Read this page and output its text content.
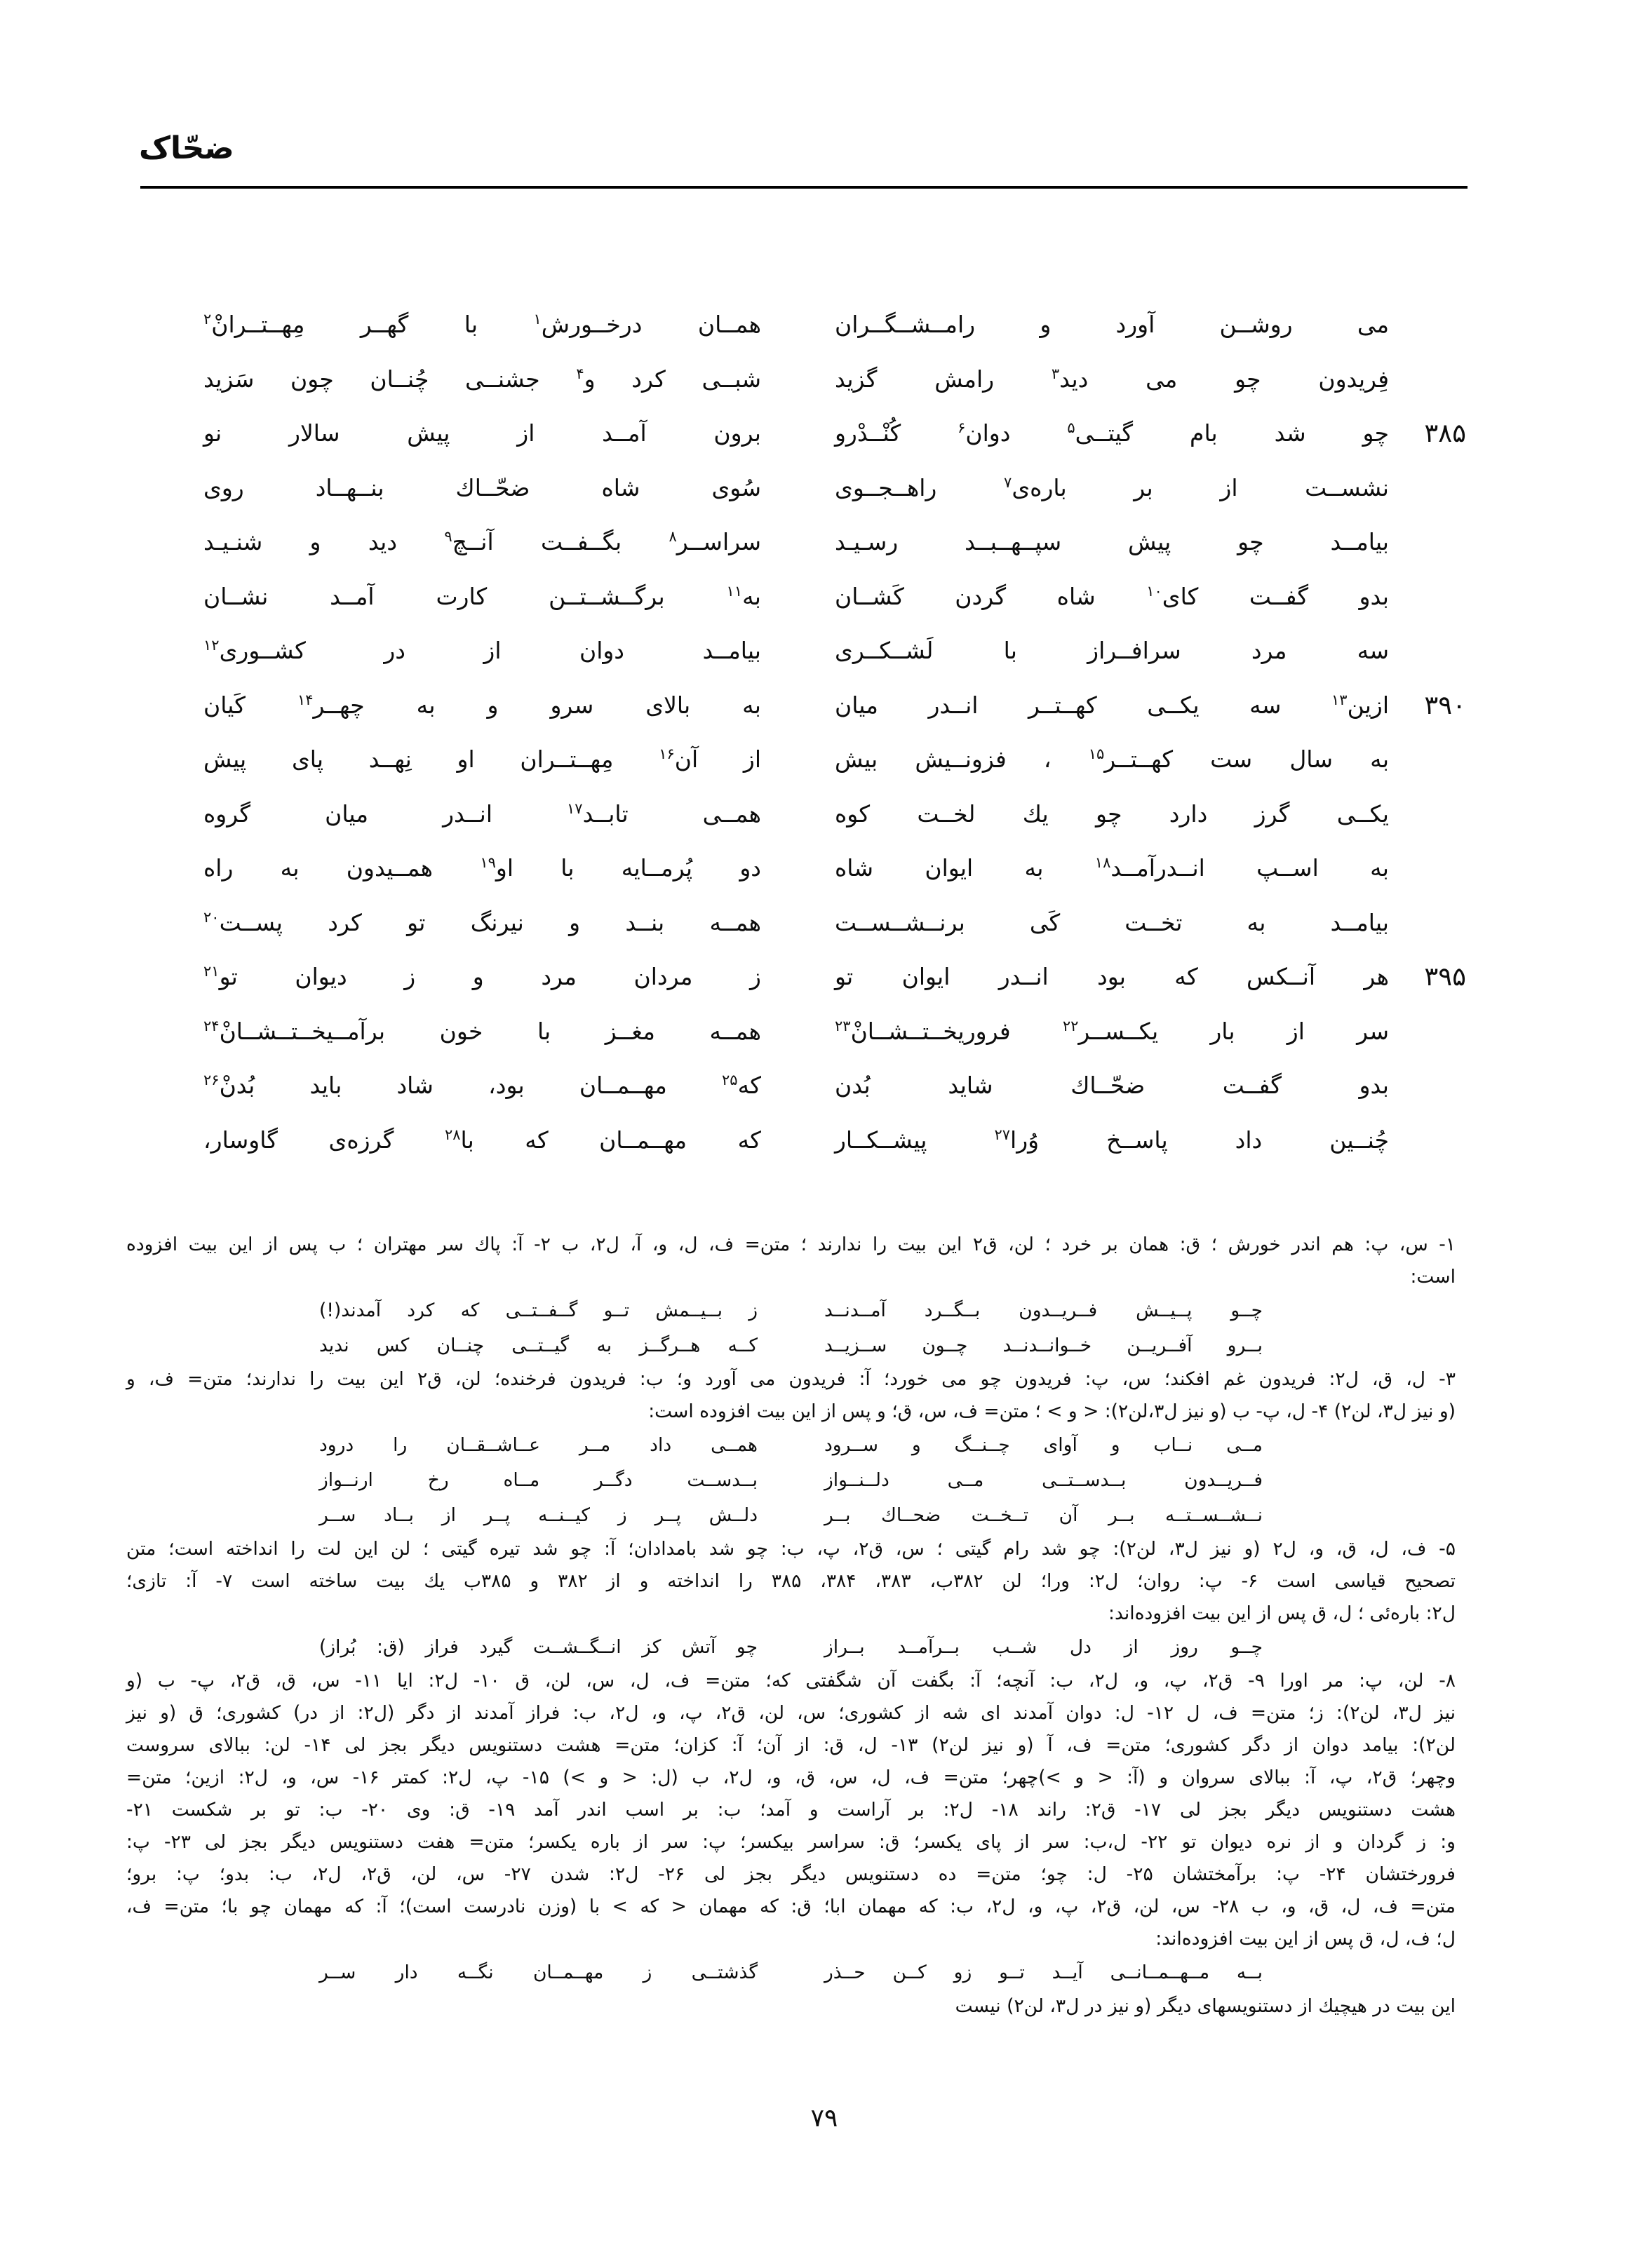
ضحّاک
می روشــن آورد و رامــشــگــران
همــان درخــورش$^۱$ با گهــر مِهــتــرانْ$^۲$
فِریدون چو می دید$^۳$ رامش گزید
شبــی کرد و$^۴$ جشنــی چُنــان چون سَزید
۳۸۵
چو شد بام گیتــی$^۵$ دوان$^۶$ کُنْــدْرو
برون آمــد از پیش سالار نو
نشســت از بر باره‌ی$^۷$ راهــجــوی
سُوی شاه ضحّــاك بنــهــاد روی
بیامــد چو پیش سپــهــبــد رسـیـد
سراســر$^۸$ بگــفــت آنــچ$^۹$ دید و شنـیـد
بدو گفــت کای$^{۱۰}$ شاه گردن کَشــان
به$^{۱۱}$ برگــشــتــن کارت آمــد نشــان
سه مرد سرافــراز با لَشــکــری
بیامــد دوان از در کشــوری$^{۱۲}$
۳۹۰
ازین$^{۱۳}$ سه یکــی کهــتــر انــدر میان
به بالای سرو و به چهــر$^{۱۴}$ کَیان
به سال ست کهــتــر$^{۱۵}$ ، فزونــیش بیش
از آن$^{۱۶}$ مِهــتــران او نِهــد پای پیش
یکــی گرز دارد چو یك لخــت کوه
همــی تابــد$^{۱۷}$ انــدر میان گروه
به اســپ انــدرآمــد$^{۱۸}$ به ایوان شاه
دو پُرمــایه با او$^{۱۹}$ همــیدون به راه
بیامــد به تخــت کَی برنــشــســت
همــه بنــد و نیرنگ تو کرد پســت$^{۲۰}$
۳۹۵
هر آنــکس که بود انــدر ایوان تو
ز مردان مرد و ز دیوان تو$^{۲۱}$
سر از بار یکــســر$^{۲۲}$ فروریخــتــشــانْ$^{۲۳}$
همــه مغــز با خون برآمــیخــتــشــانْ$^{۲۴}$
بدو گفــت ضحّــاك شاید بُدن
که$^{۲۵}$ مهــمــان بود، شاد باید بُدنْ$^{۲۶}$
چُنــین داد پاســخ وُرا$^{۲۷}$ پیشــکــار
که مهــمــان که با$^{۲۸}$ گرزه‌ی گاوسار،
۱- س، پ: هم اندر خورش ؛ ق: همان بر خرد ؛ لن، ق۲ این بیت را ندارند ؛ متن= ف، ل، و، آ، ل۲، ب ۲- آ: پاك سر مهتران ؛ ب پس از این بیت افزوده
است:
چــو پــیــش فــریــدون بــگــرد آمــدنــد
ز بــیــمش تــو گــفــتــی که کرد آمدند(!)
بــرو آفــریــن خــوانــدنــد چــون ســزیــد
کــه هــرگــز به گیــتــی چنــان کس ندید
۳- ل، ق، ل۲: فریدون غم افکند؛ س، پ: فریدون چو می خورد؛ آ: فریدون می آورد و؛ ب: فریدون فرخنده؛ لن، ق۲ این بیت را ندارند؛ متن= ف، و
(و نیز ل۳، لن۲) ۴- ل، پ- ب (و نیز ل۳،لن۲): < و > ؛ متن= ف، س، ق؛ و پس از این بیت افزوده است:
مــی نــاب و آوای چــنــگ و ســرود
همــی داد مــر عــاشــقــان را درود
فــریــدون بــدســتــی مــی دلــنــواز
بــدســت دگــر مــاه رخ ارنــواز
نــشــســتــه بــر آن تــخــت ضحــاك بــر
دلــش پــر ز کیــنــه پــر از بــاد ســر
۵- ف، ل، ق، و، ل۲ (و نیز ل۳، لن۲): چو شد رام گیتی ؛ س، ق۲، پ، ب: چو شد بامدادان؛ آ: چو شد تیره گیتی ؛ لن این لت را انداخته است؛ متن
تصحیح قیاسی است ۶- پ: روان؛ ل۲: ورا؛ لن ۳۸۲ب، ۳۸۳، ۳۸۴، ۳۸۵ را انداخته و از ۳۸۲ و ۳۸۵ب یك بیت ساخته است ۷- آ: تازی؛
ل۲: باره‌ئی ؛ ل، ق پس از این بیت افزوده‌اند:
چــو روز از دل شــب بــرآمــد بــراز
چو آتش کز انــگــشــت گیرد فراز (ق: بُراز)
۸- لن، پ: مر اورا ۹- ق۲، پ، و، ل۲، ب: آنچه؛ آ: بگفت آن شگفتی که؛ متن= ف، ل، س، لن، ق ۱۰- ل۲: ایا ۱۱- س، ق، ق۲، پ- ب (و
نیز ل۳، لن۲): ز؛ متن= ف، ل ۱۲- ل: دوان آمدند ای شه از کشوری؛ س، لن، ق۲، پ، و، ل۲، ب: فراز آمدند از دگر (ل۲: از در) کشوری؛ ق (و نیز
لن۲): بیامد دوان از دگر کشوری؛ متن= ف، آ (و نیز لن۲) ۱۳- ل، ق: از آن؛ آ: کزان؛ متن= هشت دستنویس دیگر بجز لی ۱۴- لن: ببالای سروست
وچهر؛ ق۲، پ، آ: ببالای سروان و (آ: < و >)چهر؛ متن= ف، ل، س، ق، و، ل۲، ب (ل: < و >) ۱۵- پ، ل۲: کمتر ۱۶- س، و، ل۲: ازین؛ متن=
هشت دستنویس دیگر بجز لی ۱۷- ق۲: راند ۱۸- ل۲: بر آراست و آمد؛ ب: بر اسب اندر آمد ۱۹- ق: وی ۲۰- ب: تو بر شکست ۲۱-
و: ز گردان و از نره دیوان تو ۲۲- ل،ب: سر از پای یکسر؛ ق: سراسر بیکسر؛ پ: سر از باره یکسر؛ متن= هفت دستنویس دیگر بجز لی ۲۳- پ:
فرورختشان ۲۴- پ: برآمختشان ۲۵- ل: چو؛ متن= ده دستنویس دیگر بجز لی ۲۶- ل۲: شدن ۲۷- س، لن، ق۲، ل۲، ب: بدو؛ پ: برو؛
متن= ف، ل، ق، و، ب ۲۸- س، لن، ق۲، پ، و، ل۲، ب: که مهمان ابا؛ ق: که مهمان < که > با (وزن نادرست است)؛ آ: که مهمان چو با؛ متن= ف،
ل؛ ف، ل، ق پس از این بیت افزوده‌اند:
بــه مــهــمــانــی آیــد تــو زو کــن حــذر
گذشتــی ز مهــمــان نگــه دار ســر
این بیت در هیچیك از دستنویسهای دیگر (و نیز در ل۳، لن۲) نیست
۷۹
